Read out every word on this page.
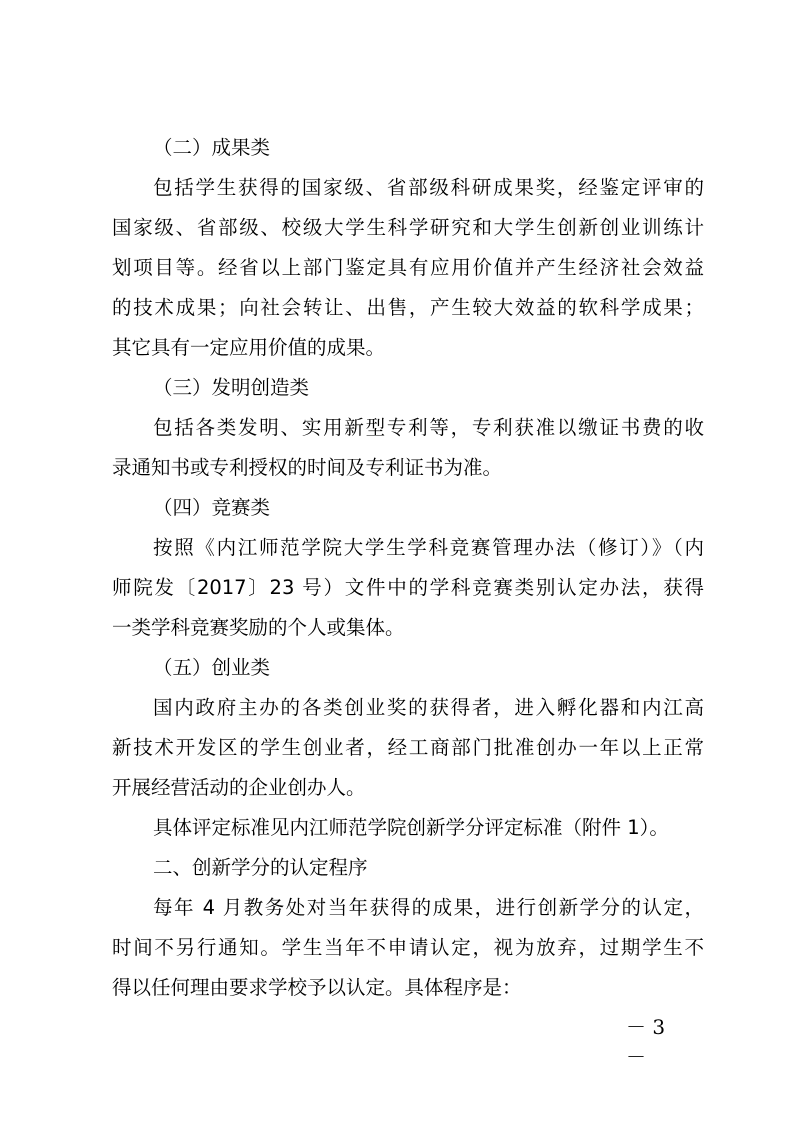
（二）成果类
包括学生获得的国家级、省部级科研成果奖，经鉴定评审的
国家级、省部级、校级大学生科学研究和大学生创新创业训练计
划项目等。经省以上部门鉴定具有应用价值并产生经济社会效益
的技术成果；向社会转让、出售，产生较大效益的软科学成果；
其它具有一定应用价值的成果。
（三）发明创造类
包括各类发明、实用新型专利等，专利获准以缴证书费的收
录通知书或专利授权的时间及专利证书为准。
（四）竞赛类
按照《内江师范学院大学生学科竞赛管理办法（修订）》（内
师院发〔2017〕23 号）文件中的学科竞赛类别认定办法，获得
一类学科竞赛奖励的个人或集体。
（五）创业类
国内政府主办的各类创业奖的获得者，进入孵化器和内江高
新技术开发区的学生创业者，经工商部门批准创办一年以上正常
开展经营活动的企业创办人。
具体评定标准见内江师范学院创新学分评定标准（附件 1）。
二、创新学分的认定程序
每年 4 月教务处对当年获得的成果，进行创新学分的认定，
时间不另行通知。学生当年不申请认定，视为放弃，过期学生不
得以任何理由要求学校予以认定。具体程序是：
－ 3 －
